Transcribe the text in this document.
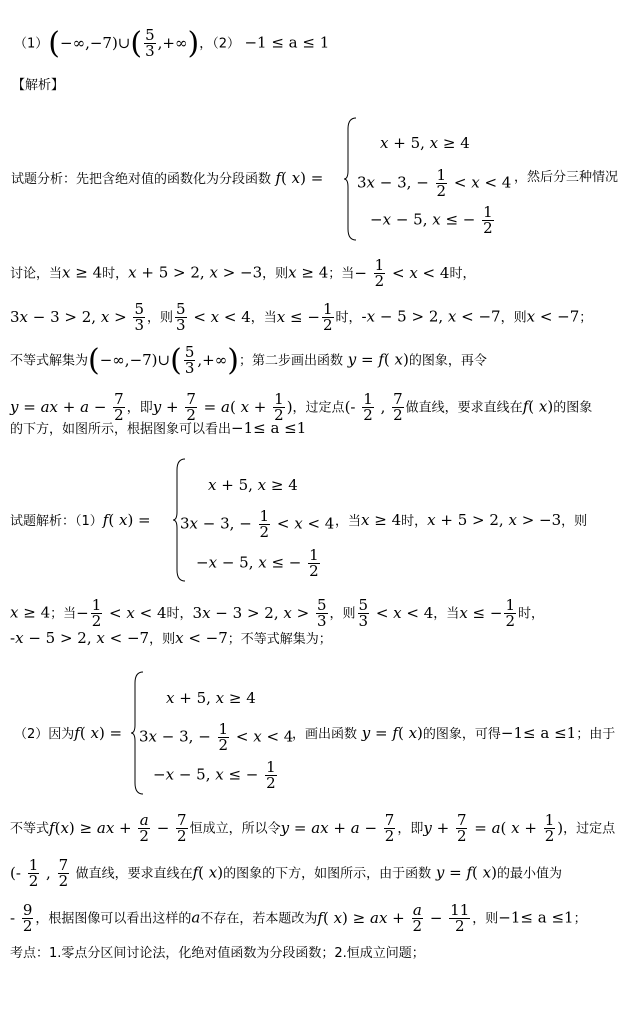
（1）(−∞,−7)∪( $\frac{5}{3}$ ,+∞)，（2） −1 ≤ a ≤ 1
【解析】
x + 5, x ≥ 4
3x − 3, − $\frac{1}{2} < x < 4$
−x − 5, x ≤ − $\frac{1}{2}$
试题分析：先把含绝对值的函数化为分段函数 f( x) =	，然后分三种情况
讨论，当x ≥ 4时，x + 5 > 2, x > −3，则x ≥ 4；当− $\frac{1}{2} < x < 4$时，
3x − 3 > 2, $x > \frac{5}{3}$ ，则 $\frac{5}{3} < x < 4$，当x ≤ − $\frac{1}{2}$ 时，-x − 5 > 2, x < −7，则x < −7；
不等式解集为(−∞,−7)∪( $\frac{5}{3}$ ,+∞)；第二步画出函数 y = f( x)的图象，再令
y = ax + $a - \frac{7}{2}$ ，即$y + \frac{7}{2} = a$( $x + \frac{1}{2}$ )，过定点(- $\frac{1}{2}$ , $\frac{7}{2}$ 做直线，要求直线在f( x)的图象
的下方，如图所示，根据图象可以看出−1≤ a ≤1
x + 5, x ≥ 4
3x − 3, − $\frac{1}{2} < x < 4$
−x − 5, x ≤ − $\frac{1}{2}$
试题解析：（1）f( x) =	，当x ≥ 4时，x + 5 > 2, x > −3，则
x ≥ 4；当− $\frac{1}{2} < x < 4$时，3x − 3 > 2, $x > \frac{5}{3}$ ，则 $\frac{5}{3} < x < 4$，当x ≤ − $\frac{1}{2}$ 时，
-x − 5 > 2, x < −7，则x < −7；不等式解集为；
x + 5, x ≥ 4
3x − 3, − $\frac{1}{2} < x < 4$
−x − 5, x ≤ − $\frac{1}{2}$
（2）因为f( x) =	，画出函数 y = f( x)的图象，可得−1≤ a ≤1；由于
不等式f(x) ≥ ax + $\frac{a}{2} - \frac{7}{2}$ 恒成立，所以令y = ax + $a - \frac{7}{2}$ ，即$y + \frac{7}{2} = a$( $x + \frac{1}{2}$ )，过定点
(- $\frac{1}{2}$ , $\frac{7}{2}$ 做直线，要求直线在f( x)的图象的下方，如图所示，由于函数 y = f( x)的最小值为
- $\frac{9}{2}$ ，根据图像可以看出这样的a不存在，若本题改为f( x) ≥ ax + $\frac{a}{2} - \frac{11}{2}$ ，则−1≤ a ≤1；
考点：1.零点分区间讨论法，化绝对值函数为分段函数；2.恒成立问题；
